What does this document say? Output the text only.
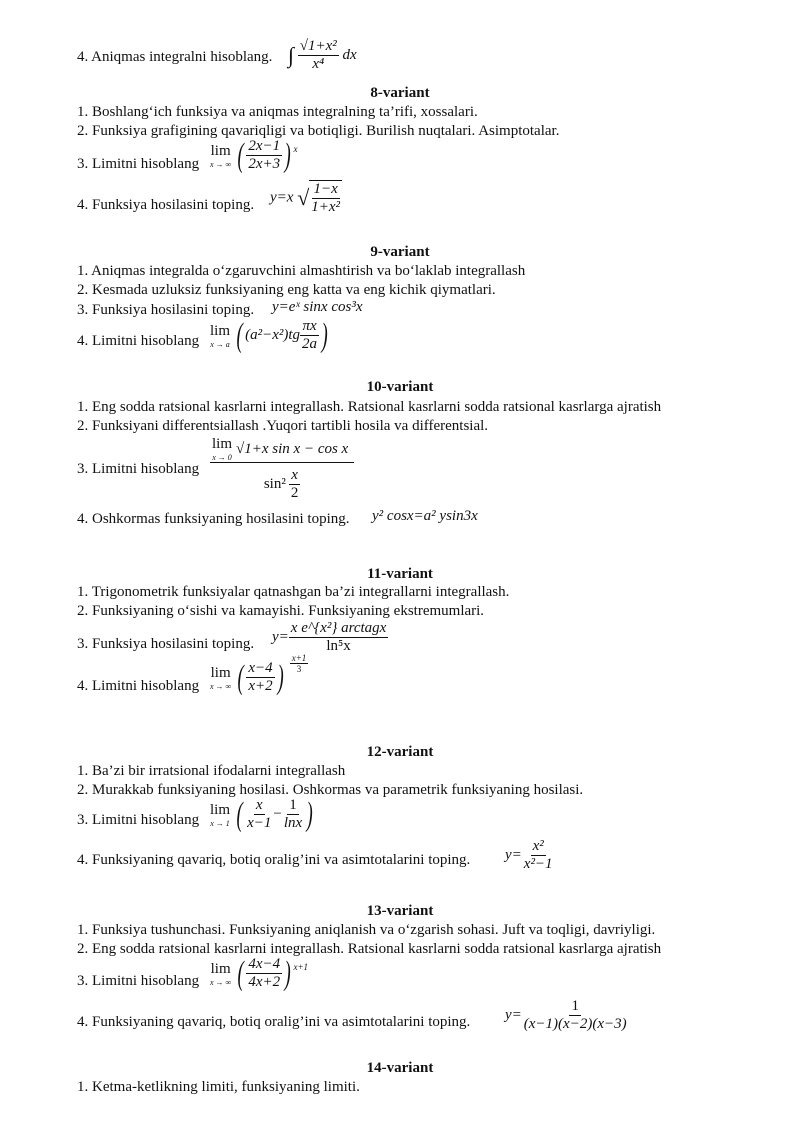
4. Aniqmas integralni hisoblang. ∫ $\frac{\text{√1+x²}}{\text{x⁴}}$ dx
8-variant
1. Boshlang‘ich funksiya va aniqmas integralning ta’rifi, xossalari.
2. Funksiya grafigining qavariqligi va botiqligi. Burilish nuqtalari. Asimptotalar.
3. Limitni hisoblang
lim
x → ∞ ( $\frac{2x-1}{2x+3}$ ) $^x$
4. Funksiya hosilasini toping. y=x √ $\frac{1-x}{\text{1+x²}}$
9-variant
1. Aniqmas integralda o‘zgaruvchini almashtirish va bo‘laklab integrallash
2. Kesmada uzluksiz funksiyaning eng katta va eng kichik qiymatlari.
3. Funksiya hosilasini toping. y=eˣ sinx cos³x
4. Limitni hisoblang
lim
x → a ( $(a^2-x^2)tg \frac{\pi x}{2a}$ )
10-variant
1. Eng sodda ratsional kasrlarni integrallash. Ratsional kasrlarni sodda ratsional kasrlarga ajratish
2. Funksiyani differentsiallash .Yuqori tartibli hosila va differentsial.
3. Limitni hisoblang lim
x → 0
√1+x sin x − cos x
$\sin^2 \frac{x}{2}$
4. Oshkormas funksiyaning hosilasini toping. y² cosx=a² ysin3x
11-variant
1. Trigonometrik funksiyalar qatnashgan ba’zi integrallarni integrallash.
2. Funksiyaning o‘sishi va kamayishi. Funksiyaning ekstremumlari.
3. Funksiya hosilasini toping. $y= \frac{\text{x e\textasciicircum{}\{x²\} arctagx}}{\text{ln⁵x}}$
4. Limitni hisoblang
lim
x → ∞ ( $\frac{x-4}{x+2}$ ) $\frac{x+1}{3}$
12-variant
1. Ba’zi bir irratsional ifodalarni integrallash
2. Murakkab funksiyaning hosilasi. Oshkormas va parametrik funksiyaning hosilasi.
3. Limitni hisoblang
lim
x → 1 ( $\frac{x}{x-1} - \frac{1}{\ln x}$ )
4. Funksiyaning qavariq, botiq oralig’ini va asimtotalarini toping. $y= \frac{\text{x²}}{\text{x²−1}}$
13-variant
1. Funksiya tushunchasi. Funksiyaning aniqlanish va o‘zgarish sohasi. Juft va toqligi, davriyligi.
2. Eng sodda ratsional kasrlarni integrallash. Ratsional kasrlarni sodda ratsional kasrlarga ajratish
3. Limitni hisoblang
lim
x → ∞ ( $\frac{4x-4}{4x+2}$ ) $^{x+1}$
4. Funksiyaning qavariq, botiq oralig’ini va asimtotalarini toping. $y= \frac{1}{(x-1)(x-2)(x-3)}$
14-variant
1. Ketma-ketlikning limiti, funksiyaning limiti.
